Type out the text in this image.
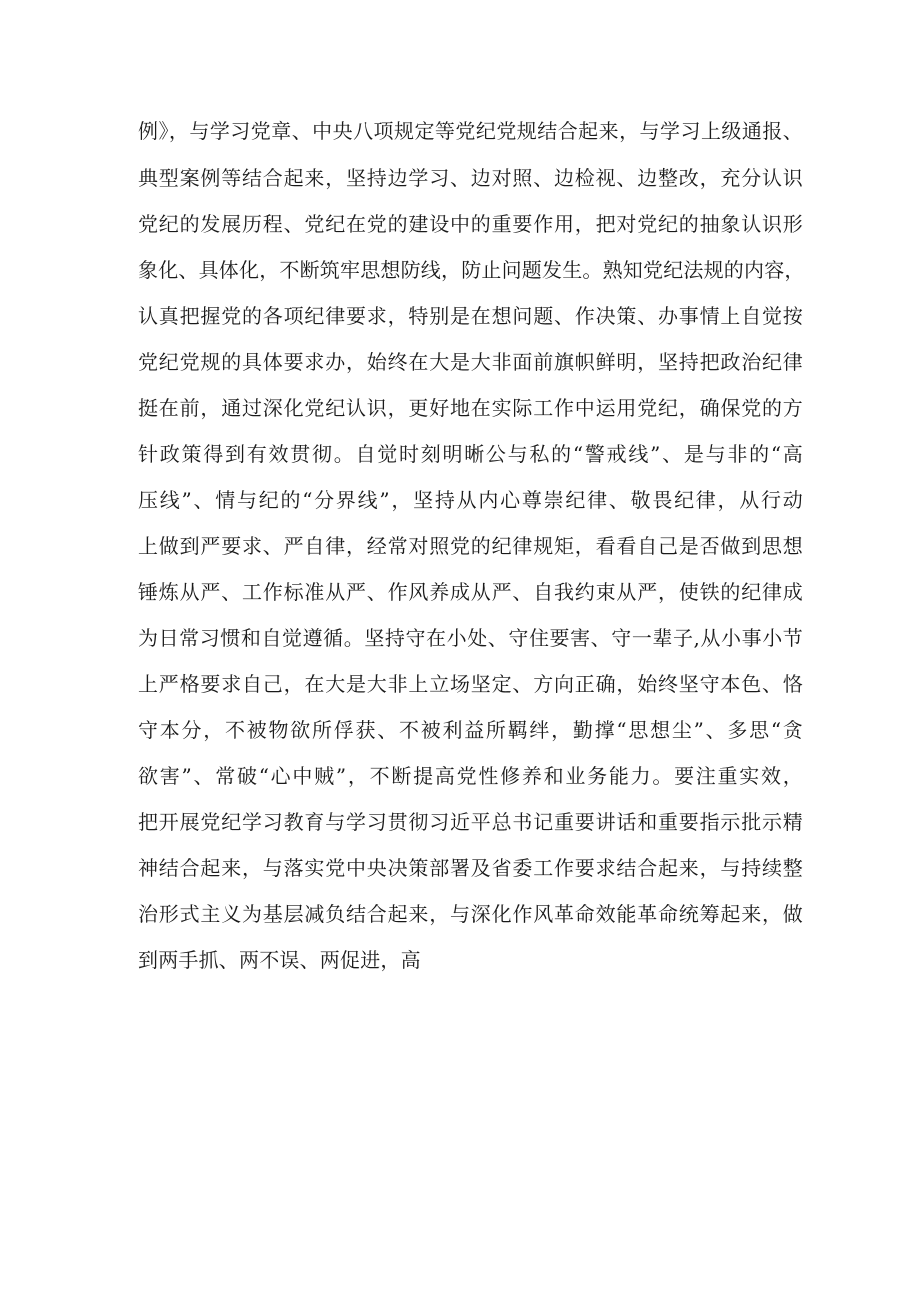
例》，与学习党章、中央八项规定等党纪党规结合起来，与学习上级通报、
典型案例等结合起来，坚持边学习、边对照、边检视、边整改，充分认识
党纪的发展历程、党纪在党的建设中的重要作用，把对党纪的抽象认识形
象化、具体化，不断筑牢思想防线，防止问题发生。熟知党纪法规的内容，
认真把握党的各项纪律要求，特别是在想问题、作决策、办事情上自觉按
党纪党规的具体要求办，始终在大是大非面前旗帜鲜明，坚持把政治纪律
挺在前，通过深化党纪认识，更好地在实际工作中运用党纪，确保党的方
针政策得到有效贯彻。自觉时刻明晰公与私的“警戒线”、是与非的“高
压线”、情与纪的“分界线”，坚持从内心尊崇纪律、敬畏纪律，从行动
上做到严要求、严自律，经常对照党的纪律规矩，看看自己是否做到思想
锤炼从严、工作标准从严、作风养成从严、自我约束从严，使铁的纪律成
为日常习惯和自觉遵循。坚持守在小处、守住要害、守一辈子,从小事小节
上严格要求自己，在大是大非上立场坚定、方向正确，始终坚守本色、恪
守本分，不被物欲所俘获、不被利益所羁绊，勤撑“思想尘”、多思“贪
欲害”、常破“心中贼”，不断提高党性修养和业务能力。要注重实效，
把开展党纪学习教育与学习贯彻习近平总书记重要讲话和重要指示批示精
神结合起来，与落实党中央决策部署及省委工作要求结合起来，与持续整
治形式主义为基层减负结合起来，与深化作风革命效能革命统筹起来，做
到两手抓、两不误、两促进，高
